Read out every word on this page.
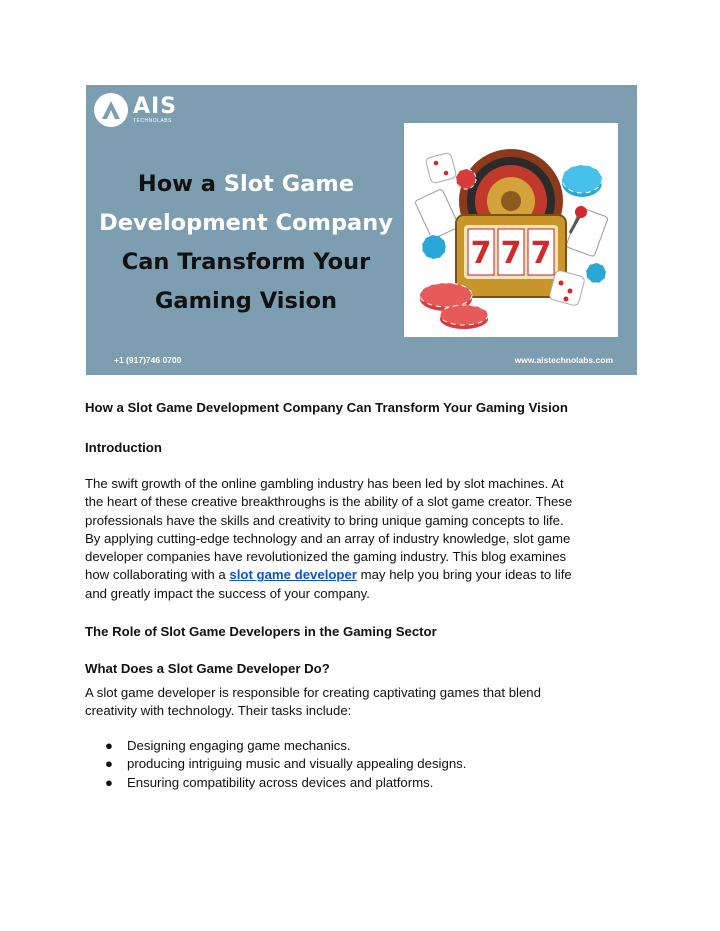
AIS
TECHNOLABS
How a Slot Game
Development Company
Can Transform Your
Gaming Vision
7 7 7
+1 (917)746 0700	www.aistechnolabs.com
How a Slot Game Development Company Can Transform Your Gaming Vision
Introduction
The swift growth of the online gambling industry has been led by slot machines. At
the heart of these creative breakthroughs is the ability of a slot game creator. These
professionals have the skills and creativity to bring unique gaming concepts to life.
By applying cutting-edge technology and an array of industry knowledge, slot game
developer companies have revolutionized the gaming industry. This blog examines
how collaborating with a slot game developer may help you bring your ideas to life
and greatly impact the success of your company.
The Role of Slot Game Developers in the Gaming Sector
What Does a Slot Game Developer Do?
A slot game developer is responsible for creating captivating games that blend
creativity with technology. Their tasks include:
● Designing engaging game mechanics.
● producing intriguing music and visually appealing designs.
● Ensuring compatibility across devices and platforms.
